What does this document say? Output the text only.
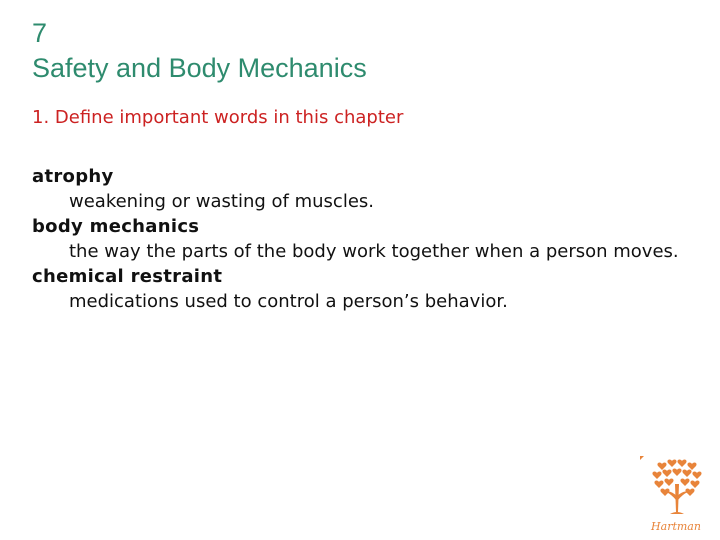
7
Safety and Body Mechanics
1. Define important words in this chapter
atrophy
weakening or wasting of muscles.
body mechanics
the way the parts of the body work together when a person moves.
chemical restraint
medications used to control a person’s behavior.
Hartman
